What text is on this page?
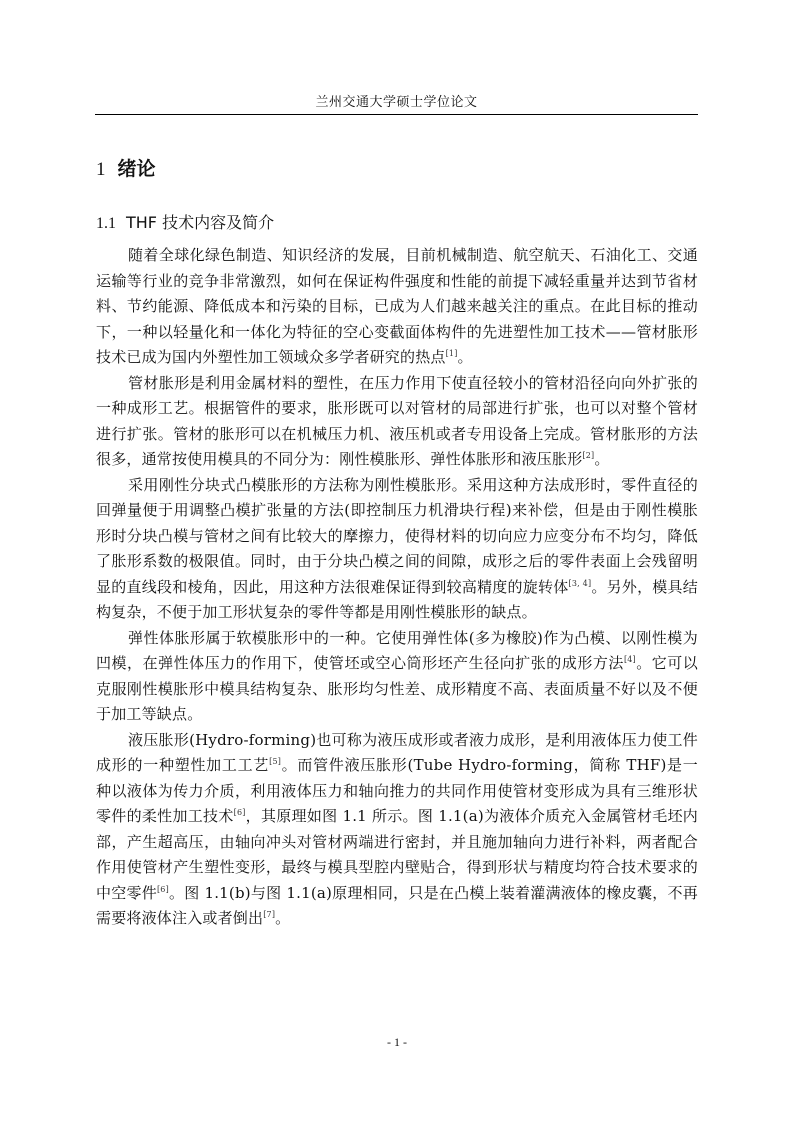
兰州交通大学硕士学位论文
1 绪论
1.1 THF 技术内容及简介

随着全球化绿色制造、知识经济的发展，目前机械制造、航空航天、石油化工、交通运输等行业的竞争非常激烈，如何在保证构件强度和性能的前提下减轻重量并达到节省材料、节约能源、降低成本和污染的目标，已成为人们越来越关注的重点。在此目标的推动下，一种以轻量化和一体化为特征的空心变截面体构件的先进塑性加工技术——管材胀形技术已成为国内外塑性加工领域众多学者研究的热点[1]。

管材胀形是利用金属材料的塑性，在压力作用下使直径较小的管材沿径向向外扩张的一种成形工艺。根据管件的要求，胀形既可以对管材的局部进行扩张，也可以对整个管材进行扩张。管材的胀形可以在机械压力机、液压机或者专用设备上完成。管材胀形的方法很多，通常按使用模具的不同分为：刚性模胀形、弹性体胀形和液压胀形[2]。

采用刚性分块式凸模胀形的方法称为刚性模胀形。采用这种方法成形时，零件直径的回弹量便于用调整凸模扩张量的方法(即控制压力机滑块行程)来补偿，但是由于刚性模胀形时分块凸模与管材之间有比较大的摩擦力，使得材料的切向应力应变分布不均匀，降低了胀形系数的极限值。同时，由于分块凸模之间的间隙，成形之后的零件表面上会残留明显的直线段和棱角，因此，用这种方法很难保证得到较高精度的旋转体[3, 4]。另外，模具结构复杂，不便于加工形状复杂的零件等都是用刚性模胀形的缺点。

弹性体胀形属于软模胀形中的一种。它使用弹性体(多为橡胶)作为凸模、以刚性模为凹模，在弹性体压力的作用下，使管坯或空心筒形坯产生径向扩张的成形方法[4]。它可以克服刚性模胀形中模具结构复杂、胀形均匀性差、成形精度不高、表面质量不好以及不便于加工等缺点。

液压胀形(Hydro-forming)也可称为液压成形或者液力成形，是利用液体压力使工件成形的一种塑性加工工艺[5]。而管件液压胀形(Tube Hydro-forming，简称 THF)是一种以液体为传力介质，利用液体压力和轴向推力的共同作用使管材变形成为具有三维形状零件的柔性加工技术[6]，其原理如图 1.1 所示。图 1.1(a)为液体介质充入金属管材毛坯内部，产生超高压，由轴向冲头对管材两端进行密封，并且施加轴向力进行补料，两者配合作用使管材产生塑性变形，最终与模具型腔内壁贴合，得到形状与精度均符合技术要求的中空零件[6]。图 1.1(b)与图 1.1(a)原理相同，只是在凸模上装着灌满液体的橡皮囊，不再需要将液体注入或者倒出[7]。

- 1 -
